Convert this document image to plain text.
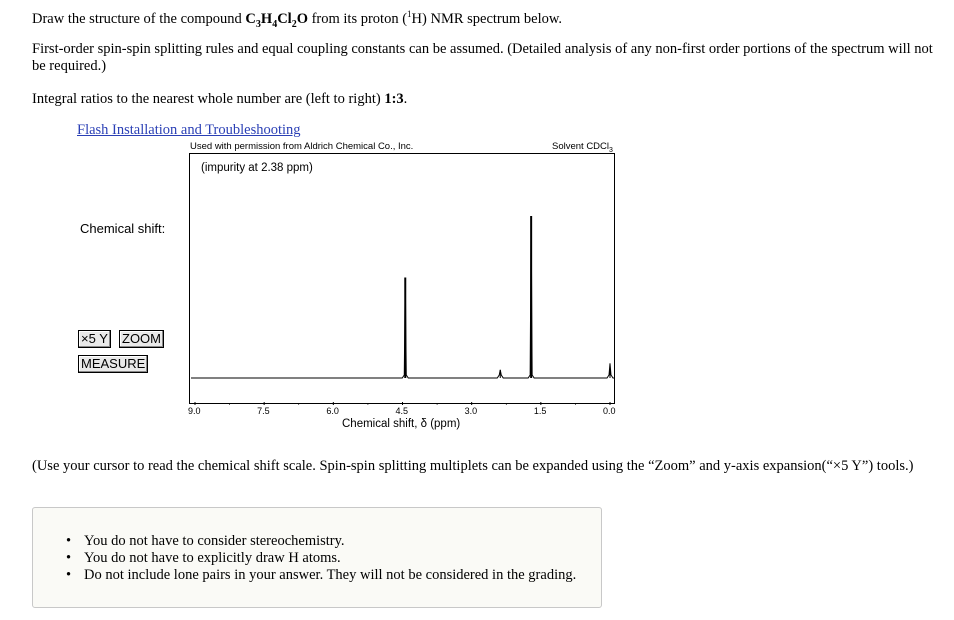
Draw the structure of the compound $C_3H_4Cl_2O$ from its proton ($^1$H) NMR spectrum below.
First-order spin-spin splitting rules and equal coupling constants can be assumed. (Detailed analysis of any non-first order portions of the spectrum will not be required.)
Integral ratios to the nearest whole number are (left to right) 1:3.
Flash Installation and Troubleshooting
Used with permission from Aldrich Chemical Co., Inc.	Solvent CDCl$_3$
(impurity at 2.38 ppm)
Chemical shift:
×5 Y ZOOM
MEASURE
9.0	7.5	6.0	4.5	3.0	1.5	0.0
Chemical shift, δ (ppm)
(Use your cursor to read the chemical shift scale. Spin-spin splitting multiplets can be expanded using the “Zoom” and y-axis expansion(“×5 Y”) tools.)
• You do not have to consider stereochemistry.
• You do not have to explicitly draw H atoms.
• Do not include lone pairs in your answer. They will not be considered in the grading.
